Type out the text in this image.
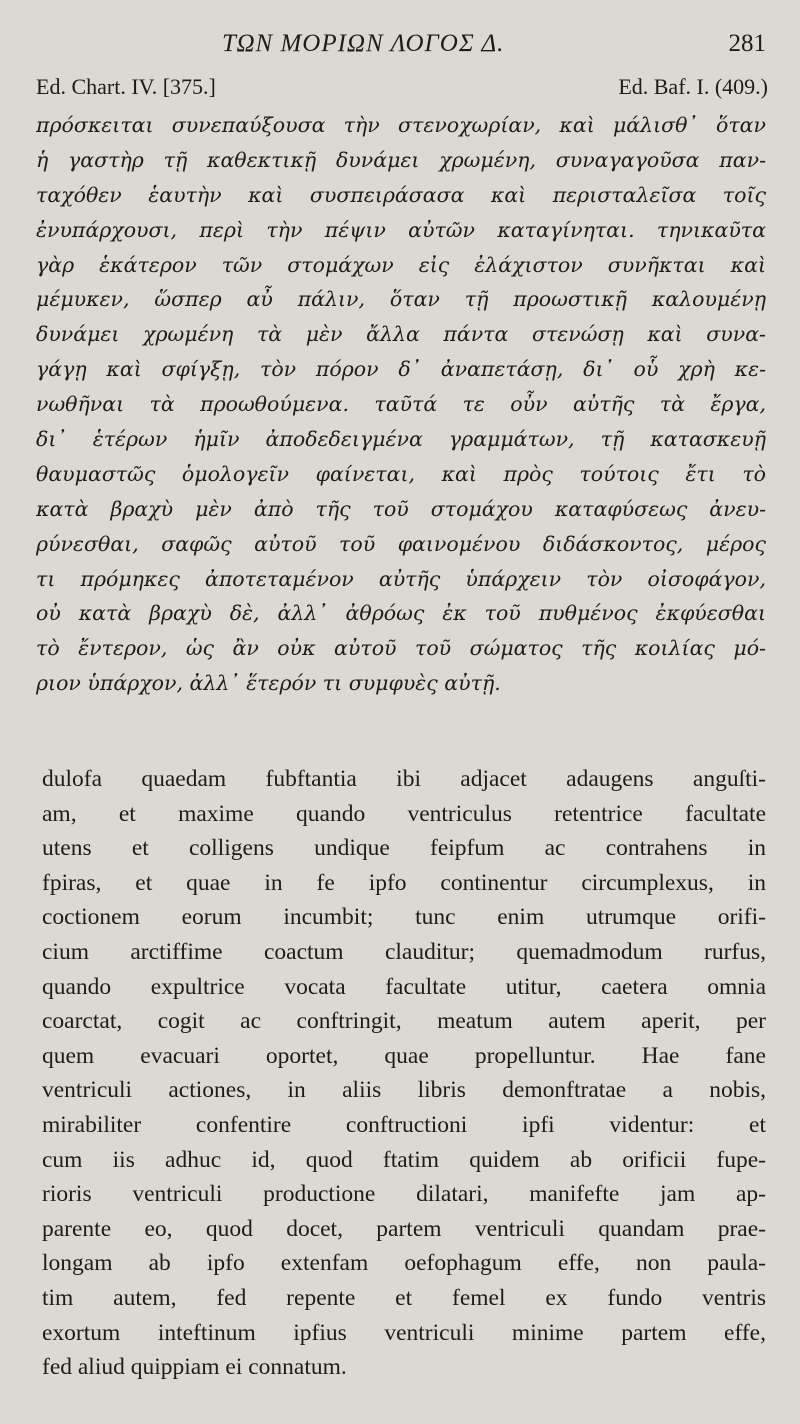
ΤΩΝ ΜΟΡΙΩΝ ΛΟΓΟΣ Δ.	281
Ed. Chart. IV. [375.]	Ed. Baf. I. (409.)
πρόσκειται συνεπαύξουσα τὴν στενοχωρίαν, καὶ μάλισθ᾽ ὅταν
ἡ γαστὴρ τῇ καθεκτικῇ δυνάμει χρωμένη, συναγαγοῦσα παν-
ταχόθεν ἑαυτὴν καὶ συσπειράσασα καὶ περισταλεῖσα τοῖς
ἐνυπάρχουσι, περὶ τὴν πέψιν αὐτῶν καταγίνηται. τηνικαῦτα
γὰρ ἑκάτερον τῶν στομάχων εἰς ἐλάχιστον συνῆκται καὶ
μέμυκεν, ὥσπερ αὖ πάλιν, ὅταν τῇ προωστικῇ καλουμένῃ
δυνάμει χρωμένη τὰ μὲν ἄλλα πάντα στενώσῃ καὶ συνα-
γάγῃ καὶ σφίγξῃ, τὸν πόρον δ᾽ ἀναπετάσῃ, δι᾽ οὗ χρὴ κε-
νωθῆναι τὰ προωθούμενα. ταῦτά τε οὖν αὐτῆς τὰ ἔργα,
δι᾽ ἑτέρων ἡμῖν ἀποδεδειγμένα γραμμάτων, τῇ κατασκευῇ
θαυμαστῶς ὁμολογεῖν φαίνεται, καὶ πρὸς τούτοις ἔτι τὸ
κατὰ βραχὺ μὲν ἀπὸ τῆς τοῦ στομάχου καταφύσεως ἀνευ-
ρύνεσθαι, σαφῶς αὐτοῦ τοῦ φαινομένου διδάσκοντος, μέρος
τι πρόμηκες ἀποτεταμένον αὐτῆς ὑπάρχειν τὸν οἰσοφάγον,
οὐ κατὰ βραχὺ δὲ, ἀλλ᾽ ἀθρόως ἐκ τοῦ πυθμένος ἐκφύεσθαι
τὸ ἔντερον, ὡς ἂν οὐκ αὐτοῦ τοῦ σώματος τῆς κοιλίας μό-
ριον ὑπάρχον, ἀλλ᾽ ἕτερόν τι συμφυὲς αὐτῇ.
dulofa quaedam fubftantia ibi adjacet adaugens anguſti-
am, et maxime quando ventriculus retentrice facultate
utens et colligens undique feipfum ac contrahens in
fpiras, et quae in fe ipfo continentur circumplexus, in
coctionem eorum incumbit; tunc enim utrumque orifi-
cium arctiffime coactum clauditur; quemadmodum rurfus,
quando expultrice vocata facultate utitur, caetera omnia
coarctat, cogit ac conftringit, meatum autem aperit, per
quem evacuari oportet, quae propelluntur. Hae fane
ventriculi actiones, in aliis libris demonftratae a nobis,
mirabiliter confentire conftructioni ipfi videntur: et
cum iis adhuc id, quod ftatim quidem ab orificii fupe-
rioris ventriculi productione dilatari, manifefte jam ap-
parente eo, quod docet, partem ventriculi quandam prae-
longam ab ipfo extenfam oefophagum effe, non paula-
tim autem, fed repente et femel ex fundo ventris
exortum inteftinum ipfius ventriculi minime partem effe,
fed aliud quippiam ei connatum.
